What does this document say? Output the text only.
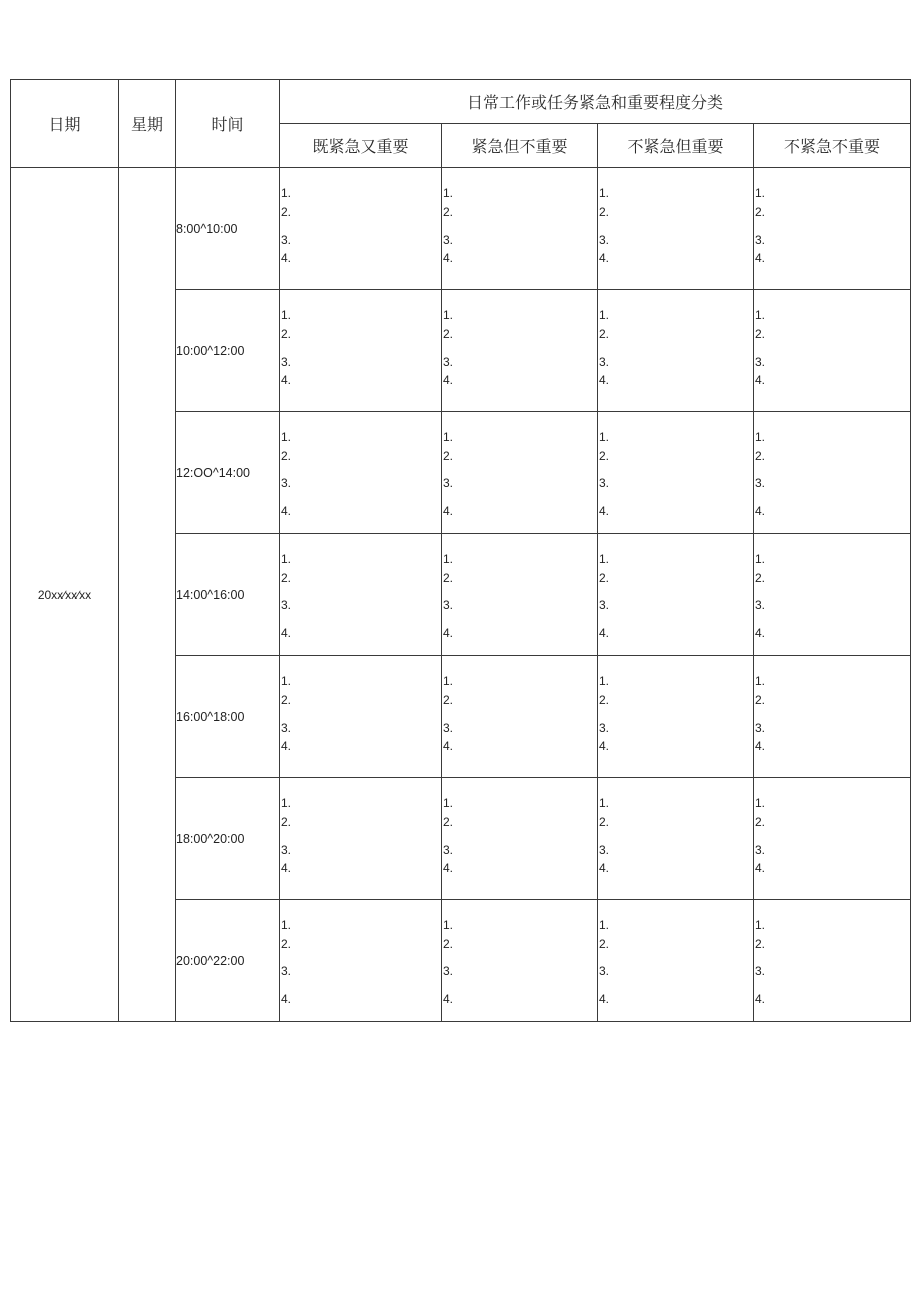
日期	星期	时间	日常工作或任务紧急和重要程度分类			
			既紧急又重要	紧急但不重要	不紧急但重要	不紧急不重要
20xx∕xx∕xx		8:00^10:00	1.
2.
3.
4.	1.
2.
3.
4.	1.
2.
3.
4.	1.
2.
3.
4.

		10:00^12:00	1.
2.
3.
4.	1.
2.
3.
4.	1.
2.
3.
4.	1.
2.
3.
4.

		12:OO^14:00	1.
2.
3.
4.	1.
2.
3.
4.	1.
2.
3.
4.	1.
2.
3.
4.

		14:00^16:00	1.
2.
3.
4.	1.
2.
3.
4.	1.
2.
3.
4.	1.
2.
3.
4.

		16:00^18:00	1.
2.
3.
4.	1.
2.
3.
4.	1.
2.
3.
4.	1.
2.
3.
4.

		18:00^20:00	1.
2.
3.
4.	1.
2.
3.
4.	1.
2.
3.
4.	1.
2.
3.
4.

		20:00^22:00	1.
2.
3.
4.	1.
2.
3.
4.	1.
2.
3.
4.	1.
2.
3.
4.
